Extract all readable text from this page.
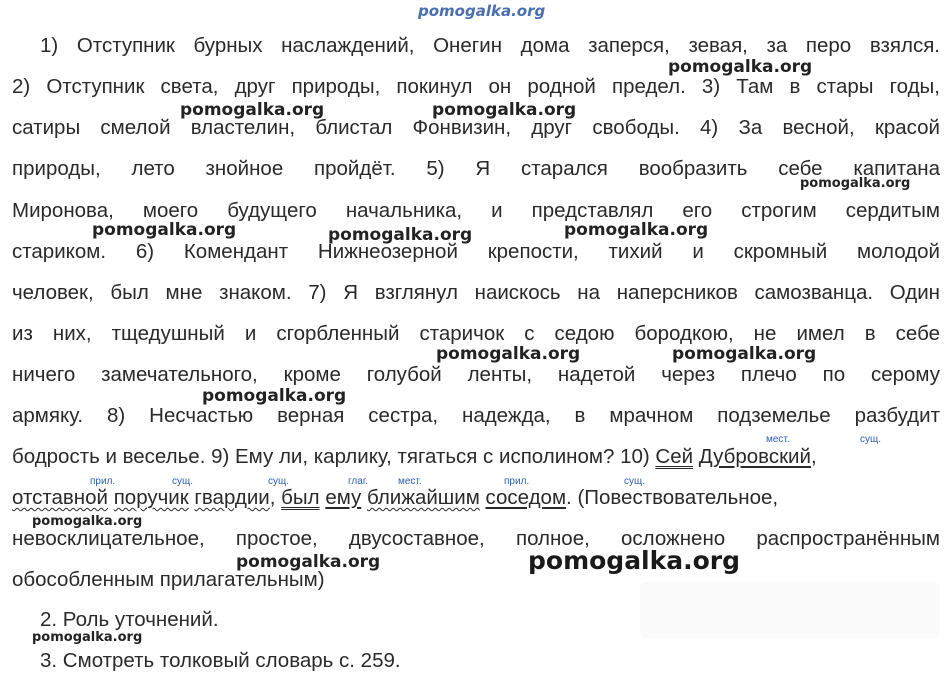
pomogalka.org
1) Отступник бурных наслаждений, Онегин дома заперся, зевая, за перо взялся.
pomogalka.org
2) Отступник света, друг природы, покинул он родной предел. 3) Там в стары годы,
pomogalka.org	pomogalka.org
сатиры смелой властелин, блистал Фонвизин, друг свободы. 4) За весной, красой
природы, лето знойное пройдёт. 5) Я старался вообразить себе капитана
pomogalka.org
Миронова, моего будущего начальника, и представлял его строгим сердитым
pomogalka.org	pomogalka.org	pomogalka.org
стариком. 6) Комендант Нижнеозерной крепости, тихий и скромный молодой
человек, был мне знаком. 7) Я взглянул наискось на наперсников самозванца. Один
из них, тщедушный и сгорбленный старичок с седою бородкою, не имел в себе
pomogalka.org	pomogalka.org
ничего замечательного, кроме голубой ленты, надетой через плечо по серому
pomogalka.org
армяку. 8) Несчастью верная сестра, надежда, в мрачном подземелье разбудит
мест.	сущ.
бодрость и веселье. 9) Ему ли, карлику, тягаться с исполином? 10) Сей Дубровский,
прил.	сущ.	сущ.	глаг.	мест.	прил.	сущ.
отставной поручик гвардии, был ему ближайшим соседом. (Повествовательное,
pomogalka.org
невосклицательное, простое, двусоставное, полное, осложнено распространённым
pomogalka.org	pomogalka.org
обособленным прилагательным)
2. Роль уточнений.
pomogalka.org
3. Смотреть толковый словарь с. 259.
